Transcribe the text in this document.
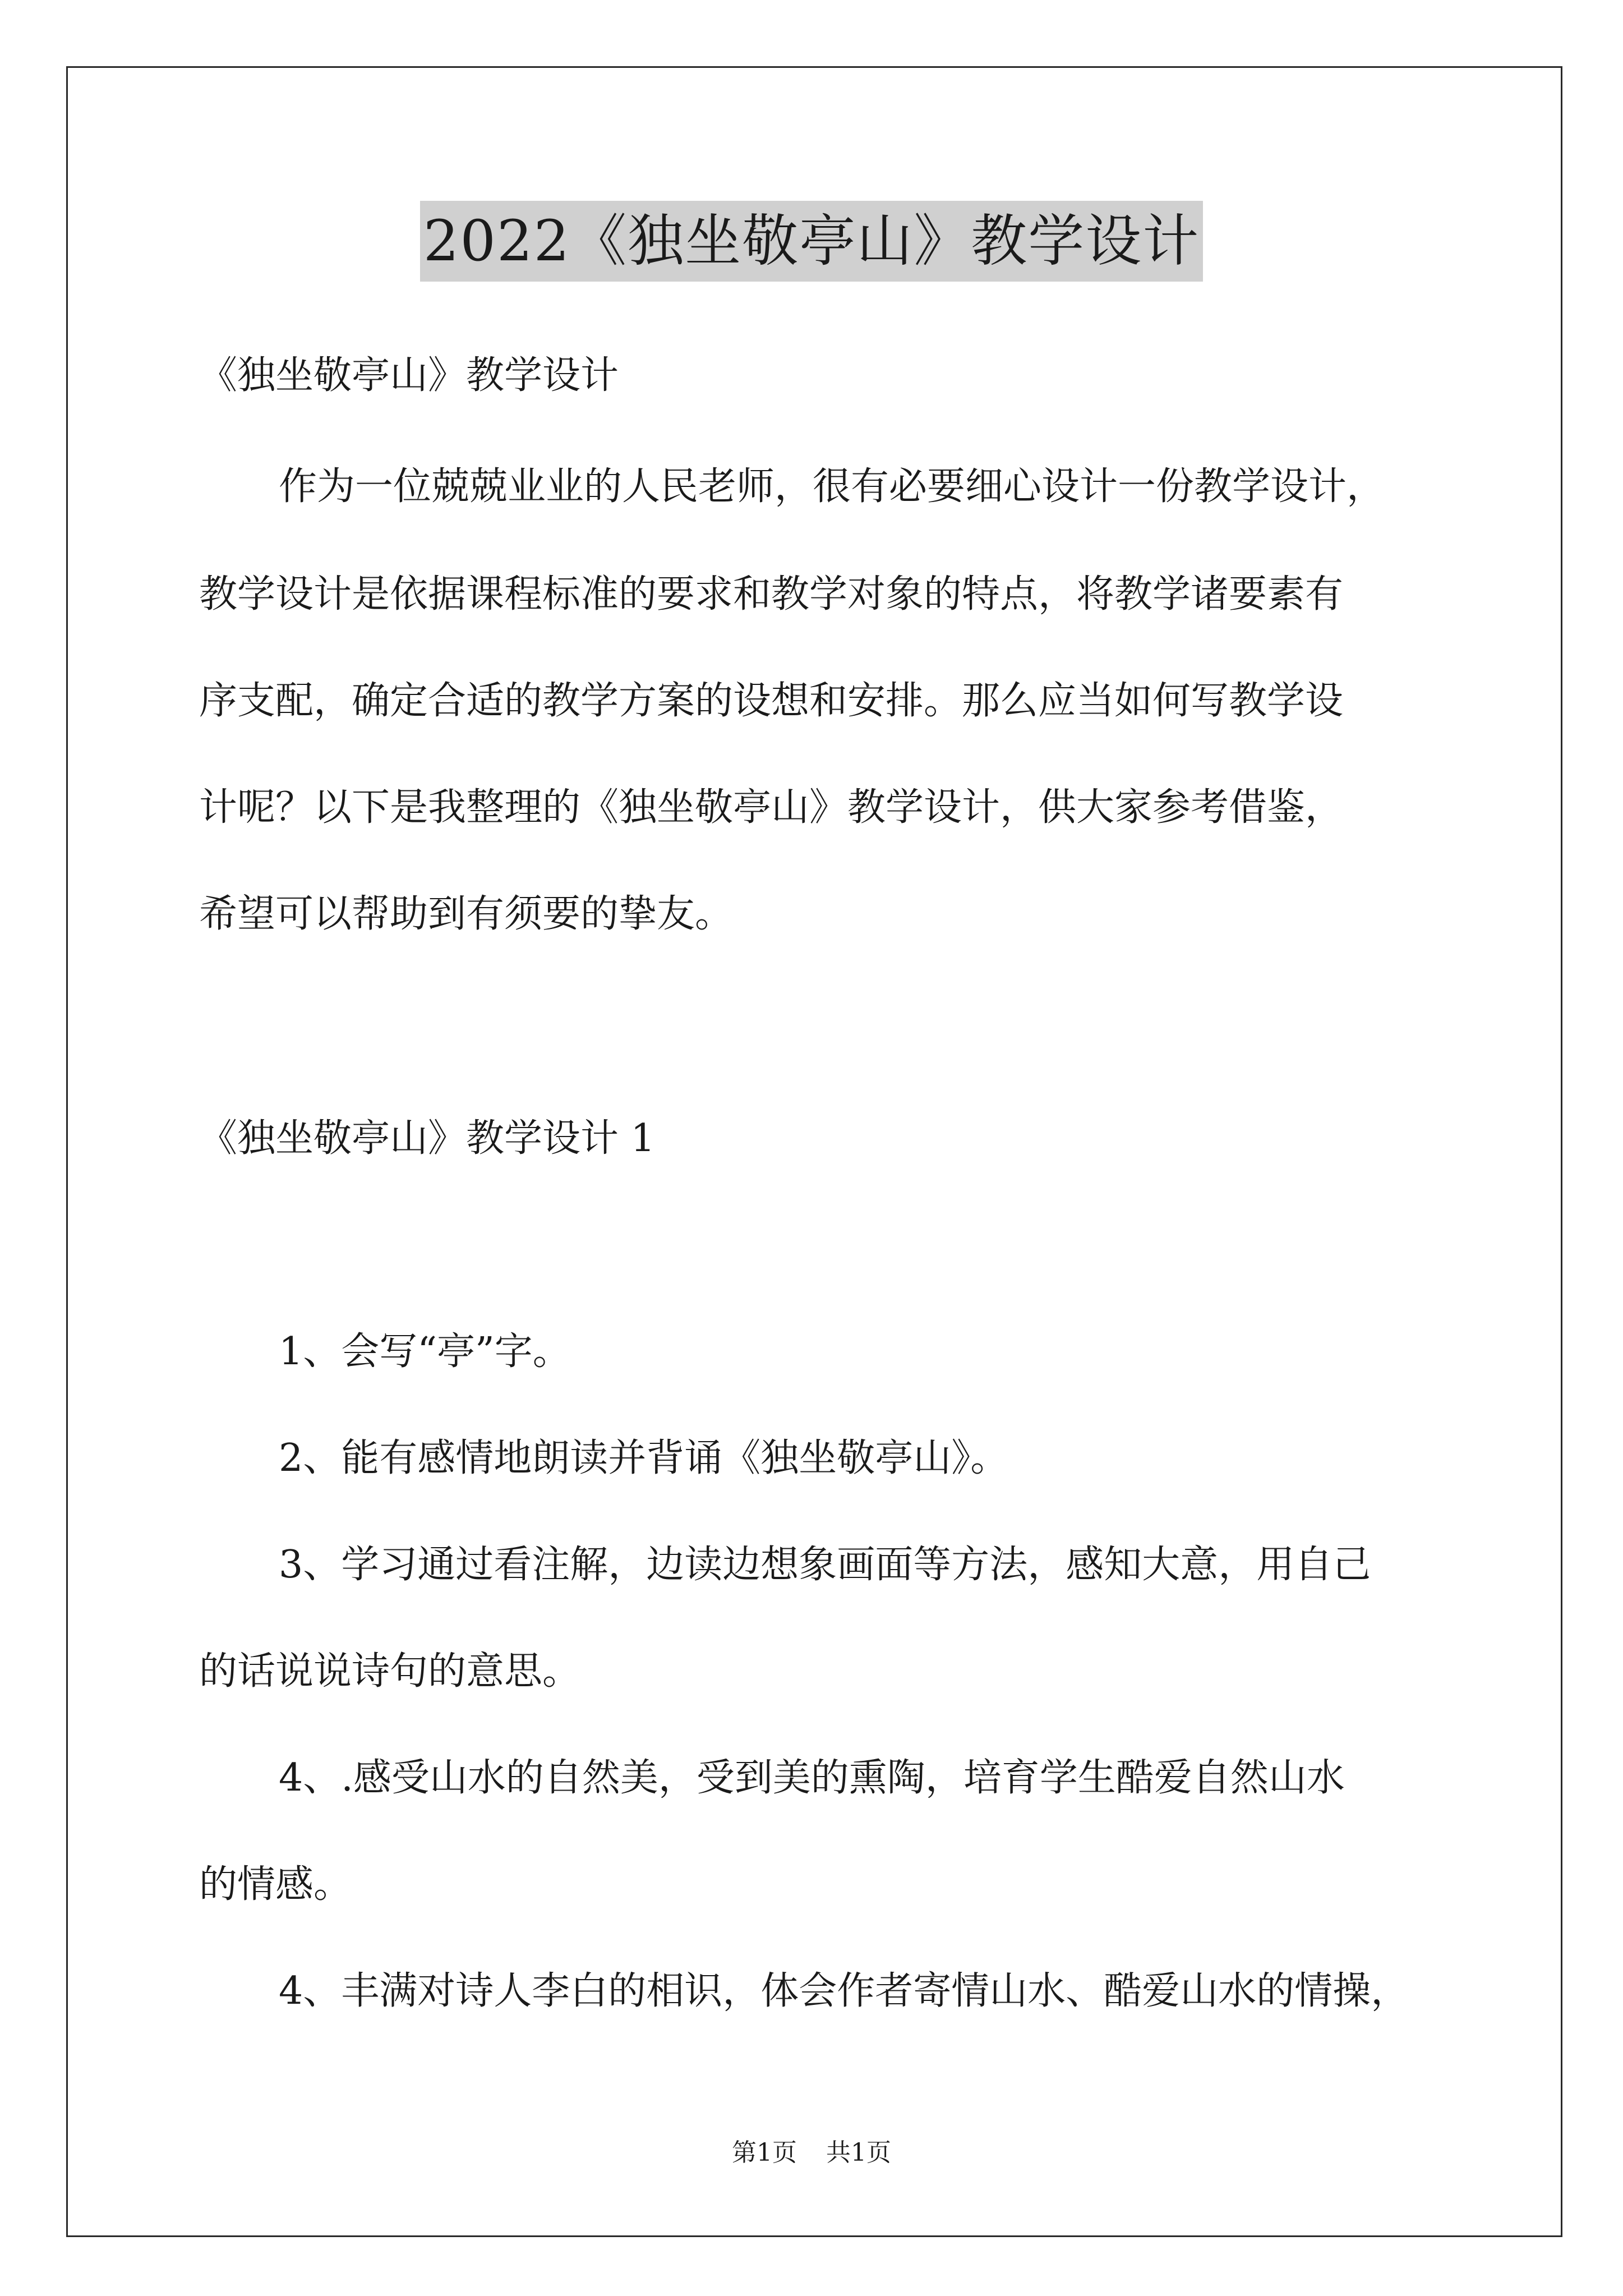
2022《独坐敬亭山》教学设计
《独坐敬亭山》教学设计
作为一位兢兢业业的人民老师，很有必要细心设计一份教学设计，
教学设计是依据课程标准的要求和教学对象的特点，将教学诸要素有
序支配，确定合适的教学方案的设想和安排。那么应当如何写教学设
计呢？以下是我整理的《独坐敬亭山》教学设计，供大家参考借鉴，
希望可以帮助到有须要的挚友。
《独坐敬亭山》教学设计 1
1、会写“亭”字。
2、能有感情地朗读并背诵《独坐敬亭山》。
3、学习通过看注解，边读边想象画面等方法，感知大意，用自己
的话说说诗句的意思。
4、.感受山水的自然美，受到美的熏陶，培育学生酷爱自然山水
的情感。
4、丰满对诗人李白的相识，体会作者寄情山水、酷爱山水的情操，
第1页 共1页
